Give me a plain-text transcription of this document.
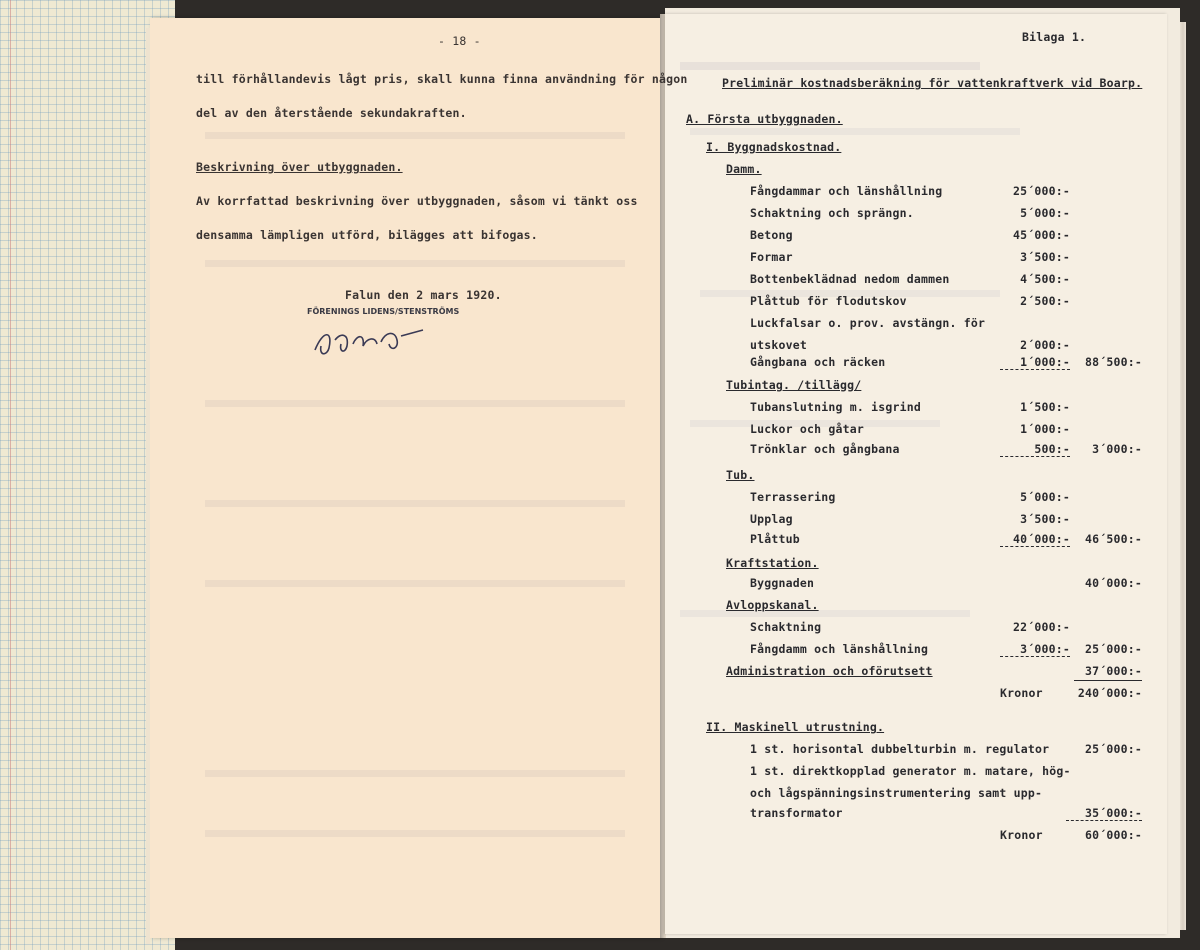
- 18 -
till förhållandevis lågt pris, skall kunna finna användning för någon
del av den återstående sekundakraften.
Beskrivning över utbyggnaden.
Av korrfattad beskrivning över utbyggnaden, såsom vi tänkt oss
densamma lämpligen utförd, bilägges att bifogas.
Falun den 2 mars 1920.
FÖRENINGS LIDENS/STENSTRÖMS
Per Brodin
Bilaga 1.
Preliminär kostnadsberäkning för vattenkraftverk vid Boarp.
A. Första utbyggnaden.
I. Byggnadskostnad.
Damm.
Fångdammar och länshållning	25´000:-
Schaktning och sprängn.	5´000:-
Betong	45´000:-
Formar	3´500:-
Bottenbeklädnad nedom dammen	4´500:-
Plåttub för flodutskov	2´500:-
Luckfalsar o. prov. avstängn. för
utskovet	2´000:-
Gångbana och räcken	1´000:-	88´500:-
Tubintag. /tillägg/
Tubanslutning m. isgrind	1´500:-
Luckor och gåtar	1´000:-
Trönklar och gångbana	500:-	3´000:-
Tub.
Terrassering	5´000:-
Upplag	3´500:-
Plåttub	40´000:-	46´500:-
Kraftstation.
Byggnaden	40´000:-
Avloppskanal.
Schaktning	22´000:-
Fångdamm och länshållning	3´000:-	25´000:-
Administration och oförutsett	37´000:-
Kronor	240´000:-
II. Maskinell utrustning.
1 st. horisontal dubbelturbin m. regulator	25´000:-
1 st. direktkopplad generator m. matare, hög-
och lågspänningsinstrumentering samt upp-
transformator	35´000:-
Kronor	60´000:-
